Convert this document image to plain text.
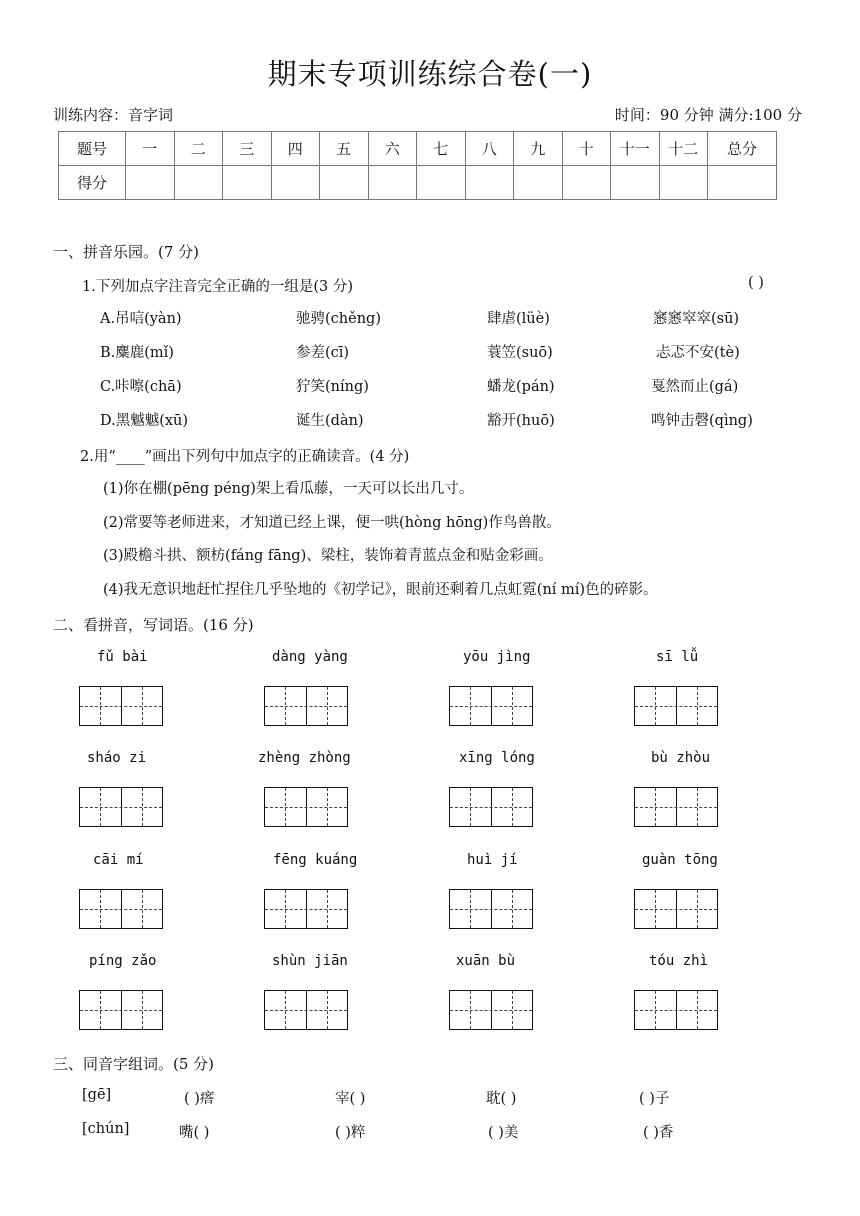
期末专项训练综合卷(一)
训练内容：音字词	时间：90 分钟 满分:100 分
题号	一	二	三	四	五	六	七	八	九	十	十一	十二	总分
得分													
一、拼音乐园。(7 分)
1.下列加点字注音完全正确的一组是(3 分)	( )
A.吊唁(yàn)	驰骋(chěng)	肆虐(lüè)	窸窸窣窣(sū)
B.麋鹿(mǐ)	参差(cī)	蓑笠(suō)	忐忑不安(tè)
C.咔嚓(chā)	狞笑(níng)	蟠龙(pán)	戛然而止(gá)
D.黑魆魆(xū)	诞生(dàn)	豁开(huō)	鸣钟击磬(qìng)
2.用“____”画出下列句中加点字的正确读音。(4 分)
(1)你在棚(pēng péng)架上看瓜藤，一天可以长出几寸。
(2)常要等老师进来，才知道已经上课，便一哄(hòng hōng)作鸟兽散。
(3)殿檐斗拱、额枋(fáng fāng)、梁柱，装饰着青蓝点金和贴金彩画。
(4)我无意识地赶忙捏住几乎坠地的《初学记》，眼前还剩着几点虹霓(ní mí)色的碎影。
二、看拼音，写词语。(16 分)
fǔ bài	dàng yàng	yōu jìng	sī lǚ
sháo zi	zhèng zhòng	xīng lóng	bù zhòu
cāi mí	fēng kuáng	huì jí	guàn tōng
píng zǎo	shùn jiān	xuān bù	tóu zhì
三、同音字组词。(5 分)
[gē]	( )瘩	宰( )	耽( )	( )子
[chún]	嘴( )	( )粹	( )美	( )香
